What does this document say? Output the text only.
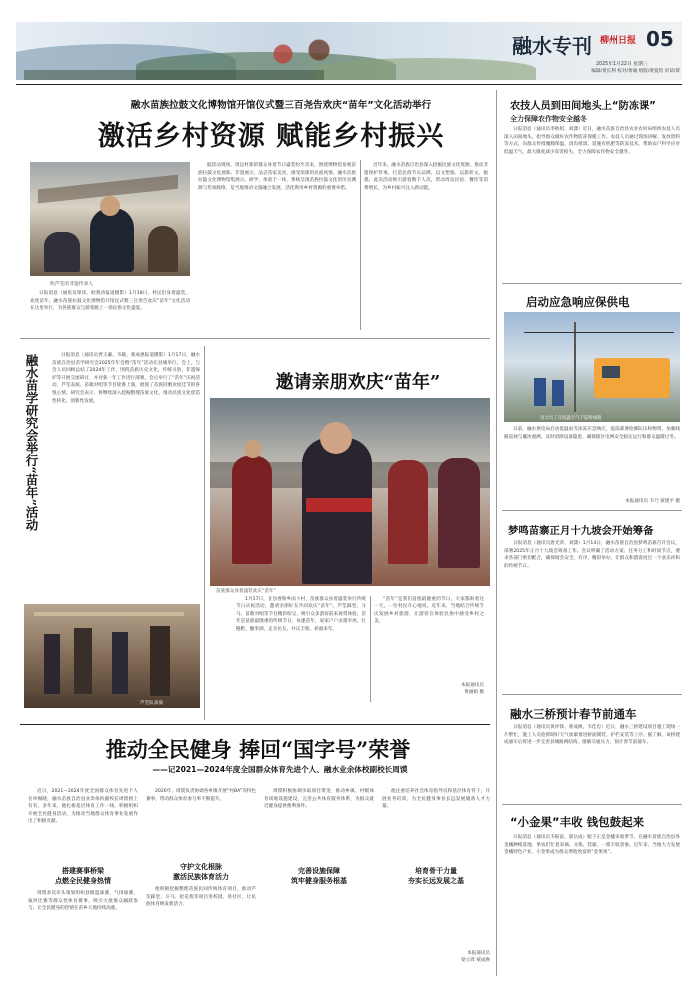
融水专刊 柳州日报 05
2025年1月22日 星期三
编辑/黄长利 校对/黄瑜 组版/黄爱钧 审读/覃
融水苗族拉鼓文化博物馆开馆仪式暨三百尧告欢庆“苗年”文化活动举行
激活乡村资源 赋能乡村振兴
吹芦笙的非遗传承人

日报消息（通讯员覃泽、欧燕涛报道摄影）1月18日，村民们身着盛装，欢度苗年。融水苗族拉鼓文化博物馆开馆仪式暨三百尧告欢庆“苗年”文化活动在这里举行，为各族群众与游客献上一场民俗文化盛宴。

据活动现场，周边村寨的群众身着节日盛装纷至沓来，围绕博物馆参观苗族拉鼓文化展陈、非遗展示，品尝苗家美食，感受浓郁的民族风情。融水苗族拉鼓文化博物馆集展示、研学、体验于一体，系统呈现苗族拉鼓文化的历史渊源与传承脉络，是当地推动文旅融合发展、活化利用乡村资源的重要举措。

近年来，融水苗族自治县深入挖掘民族文化资源，推动非遗保护传承，打造民俗节庆品牌，以文塑旅、以旅彰文。据悉，此次活动吸引游客数千人次，带动周边民宿、餐饮等消费增长，为乡村振兴注入新动能。

融水苗学研究会举行“苗年”活动	日报消息（通讯员贾玉谦、韦敏、蒙成惠报道摄影）1月17日，融水苗族自治县苗学研究会2025年年会暨“苗年”活动在县城举行。会上，与会人员回顾总结了2024年工作，围绕苗族历史文化、传统习俗、非遗保护等开展交流研讨，并对新一年工作进行部署。会后举行了“苗年”庆祝活动，芦笙表演、苗歌对唱等节目轮番上演，展现了苗族同胞欢度佳节的喜悦心情。研究会表示，将继续深入挖掘整理苗族文化，推动民族文化创造性转化、创新性发展。

芦笙队表演
邀请亲朋欢庆“苗年”
苗族群众身着盛装欢庆“苗年”

1月17日，在县香粉乡雨卜村，苗族群众身着盛装举行传统节日庆祝活动，邀请亲朋好友共同欢庆“苗年”。芦笙踩堂、斗马、苗歌对唱等节目精彩纷呈，吸引众多游客前来观赏体验。苗年是苗族最隆重的传统节日，每逢苗年，家家户户杀猪宰鸡、打糍粑、酿米酒，走亲访友，共庆丰收，祈福来年。

“苗年”是我们苗族最隆重的节日，大家都盼着这一天。一位村民开心地说。近年来，当地结合传统节庆发展乡村旅游，让游客在体验民俗中感受乡村之美。

本报通讯员
黄丽娟 摄
推动全民健身 捧回“国字号”荣誉
——记2021—2024年度全国群众体育先进个人、融水业余体校副校长周馍

近日，2021—2024年度全国群众体育先进个人名单揭晓，融水苗族自治县业余体校副校长周馍榜上有名。多年来，他扎根基层体育工作一线，积极组织开展全民健身活动，为推动当地群众体育事业发展作出了积极贡献。

搭建赛事桥梁
点燃全民健身热情

周馍多次牵头策划组织县级篮球赛、气排球赛、拔河比赛等群众性体育赛事，吸引大批群众踊跃参与，让全民健身的热情在苗乡大地持续高涨。

2020年，周馍负责协调各乡镇开展“村BA”等特色赛事，带动群众体育参与率不断提升。

守护文化根脉
激活民族体育活力

他积极挖掘整理苗族民间传统体育项目，推动芦笙踩堂、斗马、抢花炮等项目进校园、进社区，让民族体育焕发新活力。

完善设施保障
筑牢健身服务根基

周馍积极协调争取项目资金，推动乡镇、村级体育场地设施建设，完善公共体育服务体系，为群众就近健身提供便利条件。

培育骨干力量
夯实长远发展之基

他注重培养社会体育指导员和基层体育骨干，开展业务培训，为全民健身事业长远发展储备人才力量。

本报通讯员
梁立周 蒙成焕
农技人员到田间地头上“防冻课”
全力保障农作物安全越冬

日报消息（通讯员李秋娟、刘潇）近日，融水苗族自治县农业农村局组织农技人员深入田间地头，指导群众做好农作物防冻保暖工作。农技人员通过现场讲解、发放资料等方式，向群众传授覆膜保温、清沟排渍、追施有机肥等防冻技术，帮助农户科学应对低温天气，最大限度减少冻害损失，全力保障农作物安全越冬。

启动应急响应保供电
电力员工在低温天气下巡检线路

日前，融水供电局启动低温雨雪冰冻应急响应，提前部署抢修队伍和物资，加强线路巡视与覆冰观测，及时消除设备隐患，确保辖区电网安全稳定运行和群众温暖过冬。

本报通讯员 韦乃 蒙建平 摄
梦鸣苗寨正月十九坡会开始筹备

日报消息（通讯员唐光荣、刘潇）1月14日，融水苗族自治县梦鸣苗寨召开会议，部署2025年正月十九坡会筹备工作。会议明确了活动方案、任务分工和时间节点，要求各部门密切配合，确保坡会安全、有序、精彩举办，让群众和游客度过一个欢乐祥和的传统节日。

融水三桥预计春节前通车

日报消息（通讯员黄祥锋、蒙成焕、韦佳忠）近日，融水三桥建设项目施工现场一片繁忙，施工人员抢抓晴好天气加紧推进桥面铺装、护栏安装等工序。据了解，该桥建成通车后将进一步完善县城路网结构，缓解交通压力，预计春节前通车。

“小金果”丰收 钱包鼓起来

日报消息（通讯员韦振富、梁岳成）眼下正是金橘采收季节，在融水苗族自治县各金橘种植基地，果农们忙着采摘、分拣、装箱，一派丰收景象。近年来，当地大力发展金橘特色产业，小金果成为群众增收致富的“金果果”。
